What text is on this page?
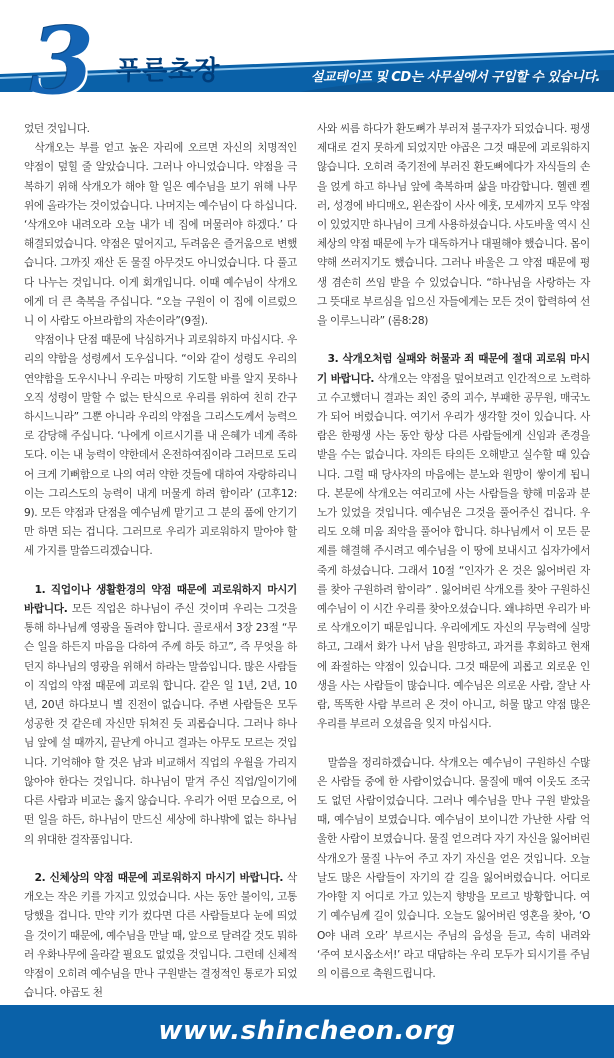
3 푸른초장	설교테이프 및 CD는 사무실에서 구입할 수 있습니다.

었던 것입니다.

삭개오는 부를 얻고 높은 자리에 오르면 자신의 치명적인 약점이 덮힐 줄 알았습니다. 그러나 아니었습니다. 약점을 극복하기 위해 삭개오가 해야 할 일은 예수님을 보기 위해 나무위에 올라가는 것이었습니다. 나머지는 예수님이 다 하십니다. ‘삭개오야 내려오라 오늘 내가 네 집에 머물러야 하겠다.’ 다 해결되었습니다. 약점은 덮어지고, 두려움은 즐거움으로 변했습니다. 그까짓 재산 돈 물질 아무것도 아니었습니다. 다 풀고 다 나누는 것입니다. 이게 회개입니다. 이때 예수님이 삭개오에게 더 큰 축복을 주십니다. “오늘 구원이 이 집에 이르렀으니 이 사람도 아브라함의 자손이라”(9절).

약점이나 단점 때문에 낙심하거나 괴로워하지 마십시다. 우리의 약함을 성령께서 도우십니다. “이와 같이 성령도 우리의 연약함을 도우시나니 우리는 마땅히 기도할 바를 알지 못하나 오직 성령이 말할 수 없는 탄식으로 우리를 위하여 친히 간구하시느니라” 그뿐 아니라 우리의 약점을 그리스도께서 능력으로 감당해 주십니다. ‘나에게 이르시기를 내 은혜가 네게 족하도다. 이는 내 능력이 약한데서 온전하여짐이라 그러므로 도리어 크게 기뻐함으로 나의 여러 약한 것들에 대하여 자랑하리니 이는 그리스도의 능력이 내게 머물게 하려 함이라’ (고후12:9). 모든 약점과 단점을 예수님께 맡기고 그 분의 품에 안기기만 하면 되는 겁니다. 그러므로 우리가 괴로워하지 말아야 할 세 가지를 말씀드리겠습니다.

1. 직업이나 생활환경의 약점 때문에 괴로워하지 마시기 바랍니다. 모든 직업은 하나님이 주신 것이며 우리는 그것을 통해 하나님께 영광을 돌려야 합니다. 골로새서 3장 23절 “무슨 일을 하든지 마음을 다하여 주께 하듯 하고”, 즉 무엇을 하던지 하나님의 영광을 위해서 하라는 말씀입니다. 많은 사람들이 직업의 약점 때문에 괴로워 합니다. 같은 일 1년, 2년, 10년, 20년 하다보니 별 진전이 없습니다. 주변 사람들은 모두 성공한 것 같은데 자신만 뒤쳐진 듯 괴롭습니다. 그러나 하나님 앞에 설 때까지, 끝난게 아니고 결과는 아무도 모르는 것입니다. 기억해야 할 것은 남과 비교해서 직업의 우월을 가리지 않아야 한다는 것입니다. 하나님이 맡겨 주신 직업/일이기에 다른 사람과 비교는 옳지 않습니다. 우리가 어떤 모습으로, 어떤 일을 하든, 하나님이 만드신 세상에 하나밖에 없는 하나님의 위대한 걸작품입니다.

2. 신체상의 약점 때문에 괴로워하지 마시기 바랍니다. 삭개오는 작은 키를 가지고 있었습니다. 사는 동안 불이익, 고통 당했을 겁니다. 만약 키가 컸다면 다른 사람들보다 눈에 띄었을 것이기 때문에, 예수님을 만날 때, 앞으로 달려갈 것도 뭐하러 우화나무에 올라갈 필요도 없었을 것입니다. 그런데 신체적 약점이 오히려 예수님을 만나 구원받는 결정적인 통로가 되었습니다. 야곱도 천

사와 씨름 하다가 환도뼈가 부러져 불구자가 되었습니다. 평생 제대로 걷지 못하게 되었지만 야곱은 그것 때문에 괴로워하지 않습니다. 오히려 죽기전에 부러진 환도뼈에다가 자식들의 손을 얹게 하고 하나님 앞에 축복하며 삶을 마감합니다. 헬렌 켈러, 성경에 바디매오, 왼손잡이 사사 에훗, 모세까지 모두 약점이 있었지만 하나님이 크게 사용하셨습니다. 사도바울 역시 신체상의 약점 때문에 누가 대독하거나 대필해야 했습니다. 몸이 약해 쓰러지기도 했습니다. 그러나 바울은 그 약점 때문에 평생 겸손히 쓰임 받을 수 있었습니다. “하나님을 사랑하는 자 그 뜻대로 부르심을 입으신 자들에게는 모든 것이 합력하여 선을 이루느니라” (롬8:28)

3. 삭개오처럼 실패와 허물과 죄 때문에 절대 괴로워 마시기 바랍니다. 삭개오는 약점을 덮어보려고 인간적으로 노력하고 수고했더니 결과는 죄인 중의 괴수, 부패한 공무원, 매국노가 되어 버렸습니다. 여기서 우리가 생각할 것이 있습니다. 사람은 한평생 사는 동안 항상 다른 사람들에게 신임과 존경을 받을 수는 없습니다. 자의든 타의든 오해받고 실수할 때 있습니다. 그럴 때 당사자의 마음에는 분노와 원망이 쌓이게 됩니다. 본문에 삭개오는 여리고에 사는 사람들을 향해 미움과 분노가 있었을 것입니다. 예수님은 그것을 풀어주신 겁니다. 우리도 오해 미움 죄악을 풀어야 합니다. 하나님께서 이 모든 문제를 해결해 주시려고 예수님을 이 땅에 보내시고 십자가에서 죽게 하셨습니다. 그래서 10절 “인자가 온 것은 잃어버린 자를 찾아 구원하려 함이라” . 잃어버린 삭개오를 찾아 구원하신 예수님이 이 시간 우리를 찾아오셨습니다. 왜냐하면 우리가 바로 삭개오이기 때문입니다. 우리에게도 자신의 무능력에 실망하고, 그래서 화가 나서 남을 원망하고, 과거를 후회하고 현재에 좌절하는 약점이 있습니다. 그것 때문에 괴롭고 외로운 인생을 사는 사람들이 많습니다. 예수님은 의로운 사람, 잘난 사람, 똑똑한 사람 부르러 온 것이 아니고, 허물 많고 약점 많은 우리를 부르러 오셨음을 잊지 마십시다.

말씀을 정리하겠습니다. 삭개오는 예수님이 구원하신 수많은 사람들 중에 한 사람이었습니다. 물질에 매여 이웃도 조국도 없던 사람이었습니다. 그러나 예수님을 만나 구원 받았을 때, 예수님이 보였습니다. 예수님이 보이니깐 가난한 사람 억울한 사람이 보였습니다. 물질 얻으려다 자기 자신을 잃어버린 삭개오가 물질 나누어 주고 자기 자신을 얻은 것입니다. 오늘날도 많은 사람들이 자기의 갈 길을 잃어버렸습니다. 어디로 가야할 지 어디로 가고 있는지 향방을 모르고 방황합니다. 여기 예수님께 길이 있습니다. 오늘도 잃어버린 영혼을 찾아, ‘OO야 내려 오라’ 부르시는 주님의 음성을 듣고, 속히 내려와 ‘주여 보시옵소서!’ 라고 대답하는 우리 모두가 되시기를 주님의 이름으로 축원드립니다.

www.shincheon.org
